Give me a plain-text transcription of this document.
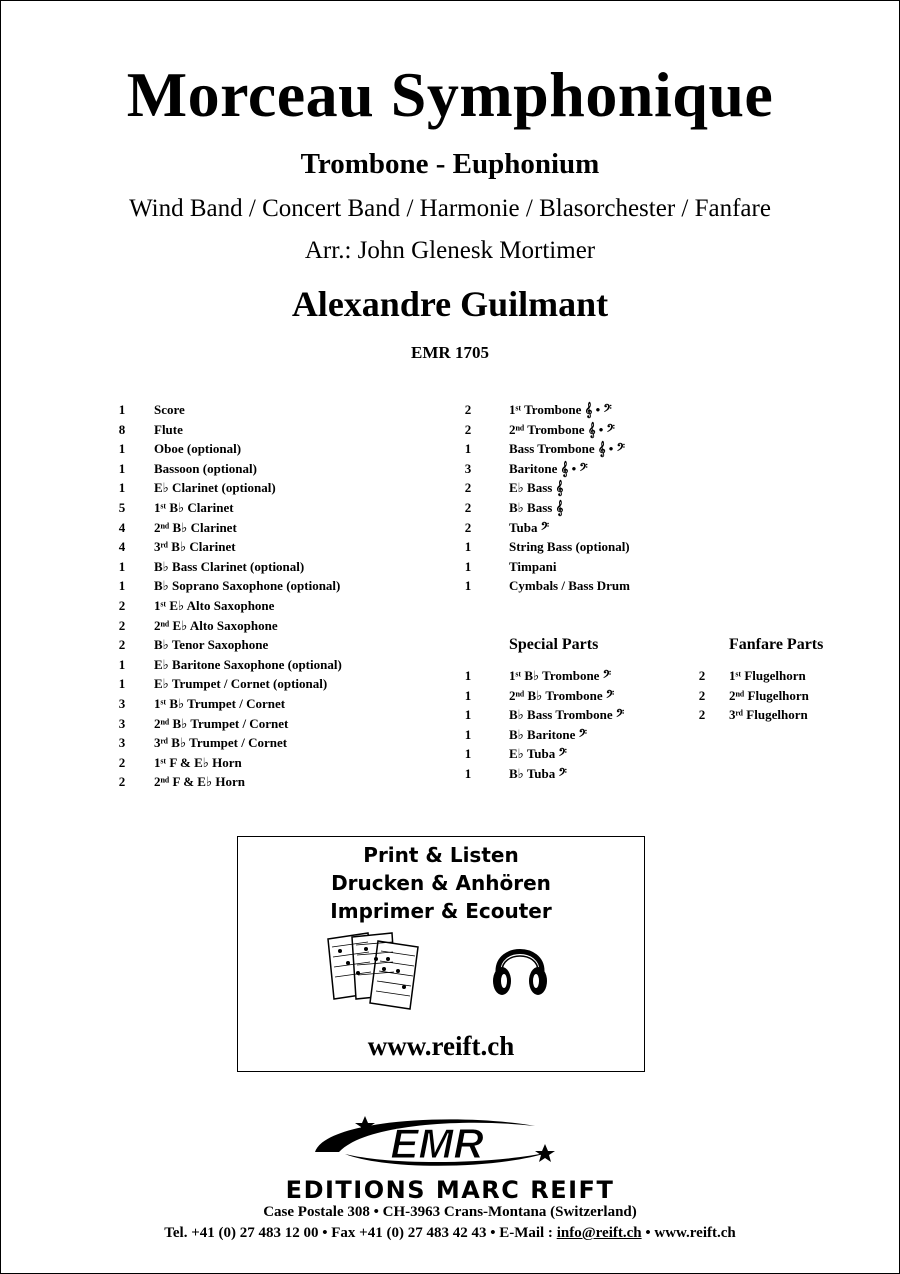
Morceau Symphonique
Trombone - Euphonium
Wind Band / Concert Band / Harmonie / Blasorchester / Fanfare
Arr.: John Glenesk Mortimer
Alexandre Guilmant
EMR 1705
1 Score
8 Flute
1 Oboe (optional)
1 Bassoon (optional)
1 E♭ Clarinet (optional)
5 1ˢᵗ B♭ Clarinet
4 2ⁿᵈ B♭ Clarinet
4 3ʳᵈ B♭ Clarinet
1 B♭ Bass Clarinet (optional)
1 B♭ Soprano Saxophone (optional)
2 1ˢᵗ E♭ Alto Saxophone
2 2ⁿᵈ E♭ Alto Saxophone
2 B♭ Tenor Saxophone
1 E♭ Baritone Saxophone (optional)
1 E♭ Trumpet / Cornet (optional)
3 1ˢᵗ B♭ Trumpet / Cornet
3 2ⁿᵈ B♭ Trumpet / Cornet
3 3ʳᵈ B♭ Trumpet / Cornet
2 1ˢᵗ F & E♭ Horn
2 2ⁿᵈ F & E♭ Horn
2	1ˢᵗ Trombone 𝄞 • 𝄢
2	2ⁿᵈ Trombone 𝄞 • 𝄢
1	Bass Trombone 𝄞 • 𝄢
3	Baritone 𝄞 • 𝄢
2	E♭ Bass 𝄞
2	B♭ Bass 𝄞
2	Tuba 𝄢
1	String Bass (optional)
1	Timpani
1	Cymbals / Bass Drum
Special Parts	Fanfare Parts
1	1ˢᵗ B♭ Trombone 𝄢
1	2ⁿᵈ B♭ Trombone 𝄢
1	B♭ Bass Trombone 𝄢
1	B♭ Baritone 𝄢
1	E♭ Tuba 𝄢
1	B♭ Tuba 𝄢
2 1ˢᵗ Flugelhorn
2 2ⁿᵈ Flugelhorn
2 3ʳᵈ Flugelhorn
Print & Listen
Drucken & Anhören
Imprimer & Ecouter
www.reift.ch
EMR
EDITIONS MARC REIFT
Case Postale 308 • CH-3963 Crans-Montana (Switzerland)
Tel. +41 (0) 27 483 12 00 • Fax +41 (0) 27 483 42 43 • E-Mail : info@reift.ch • www.reift.ch
